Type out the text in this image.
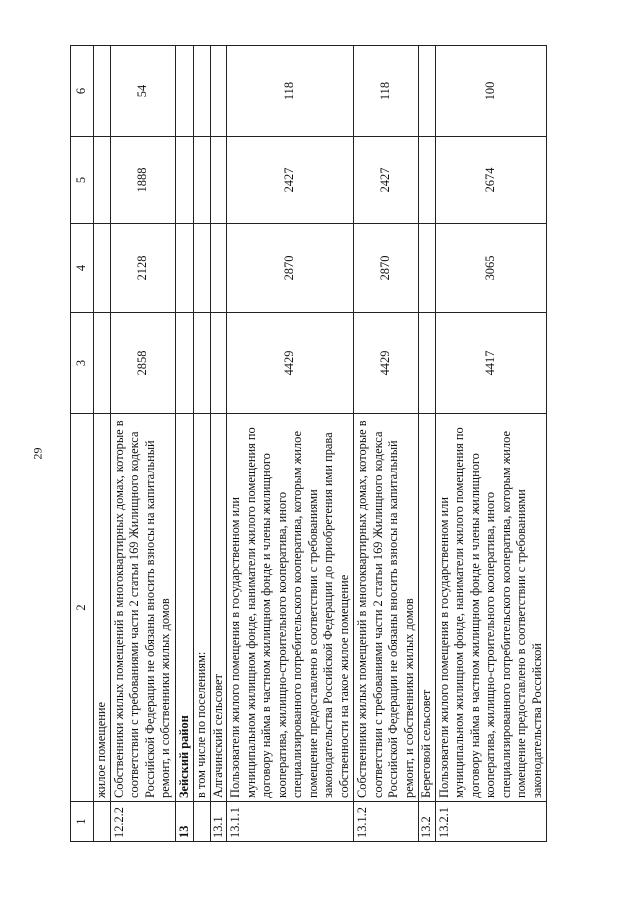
29
1	2	3	4	5	6
	жилое помещение				
12.2.2	Собственники жилых помещений в многоквартирных домах, которые в соответствии с требованиями части 2 статьи 169 Жилищного кодекса Российской Федерации не обязаны вносить взносы на капитальный ремонт, и собственники жилых домов	2858	2128	1888	54
13	Зейский район				
	в том числе по поселениям:				
13.1	Алгачинский сельсовет				
13.1.1	Пользователи жилого помещения в государственном или муниципальном жилищном фонде, наниматели жилого помещения по договору найма в частном жилищном фонде и члены жилищного кооператива, жилищно-строительного кооператива, иного специализированного потребительского кооператива, которым жилое помещение предоставлено в соответствии с требованиями законодательства Российской Федерации до приобретения ими права собственности на такое жилое помещение	4429	2870	2427	118
13.1.2	Собственники жилых помещений в многоквартирных домах, которые в соответствии с требованиями части 2 статьи 169 Жилищного кодекса Российской Федерации не обязаны вносить взносы на капитальный ремонт, и собственники жилых домов	4429	2870	2427	118
13.2	Береговой сельсовет				
13.2.1	Пользователи жилого помещения в государственном или муниципальном жилищном фонде, наниматели жилого помещения по договору найма в частном жилищном фонде и члены жилищного кооператива, жилищно-строительного кооператива, иного специализированного потребительского кооператива, которым жилое помещение предоставлено в соответствии с требованиями законодательства Российской	4417	3065	2674	100
